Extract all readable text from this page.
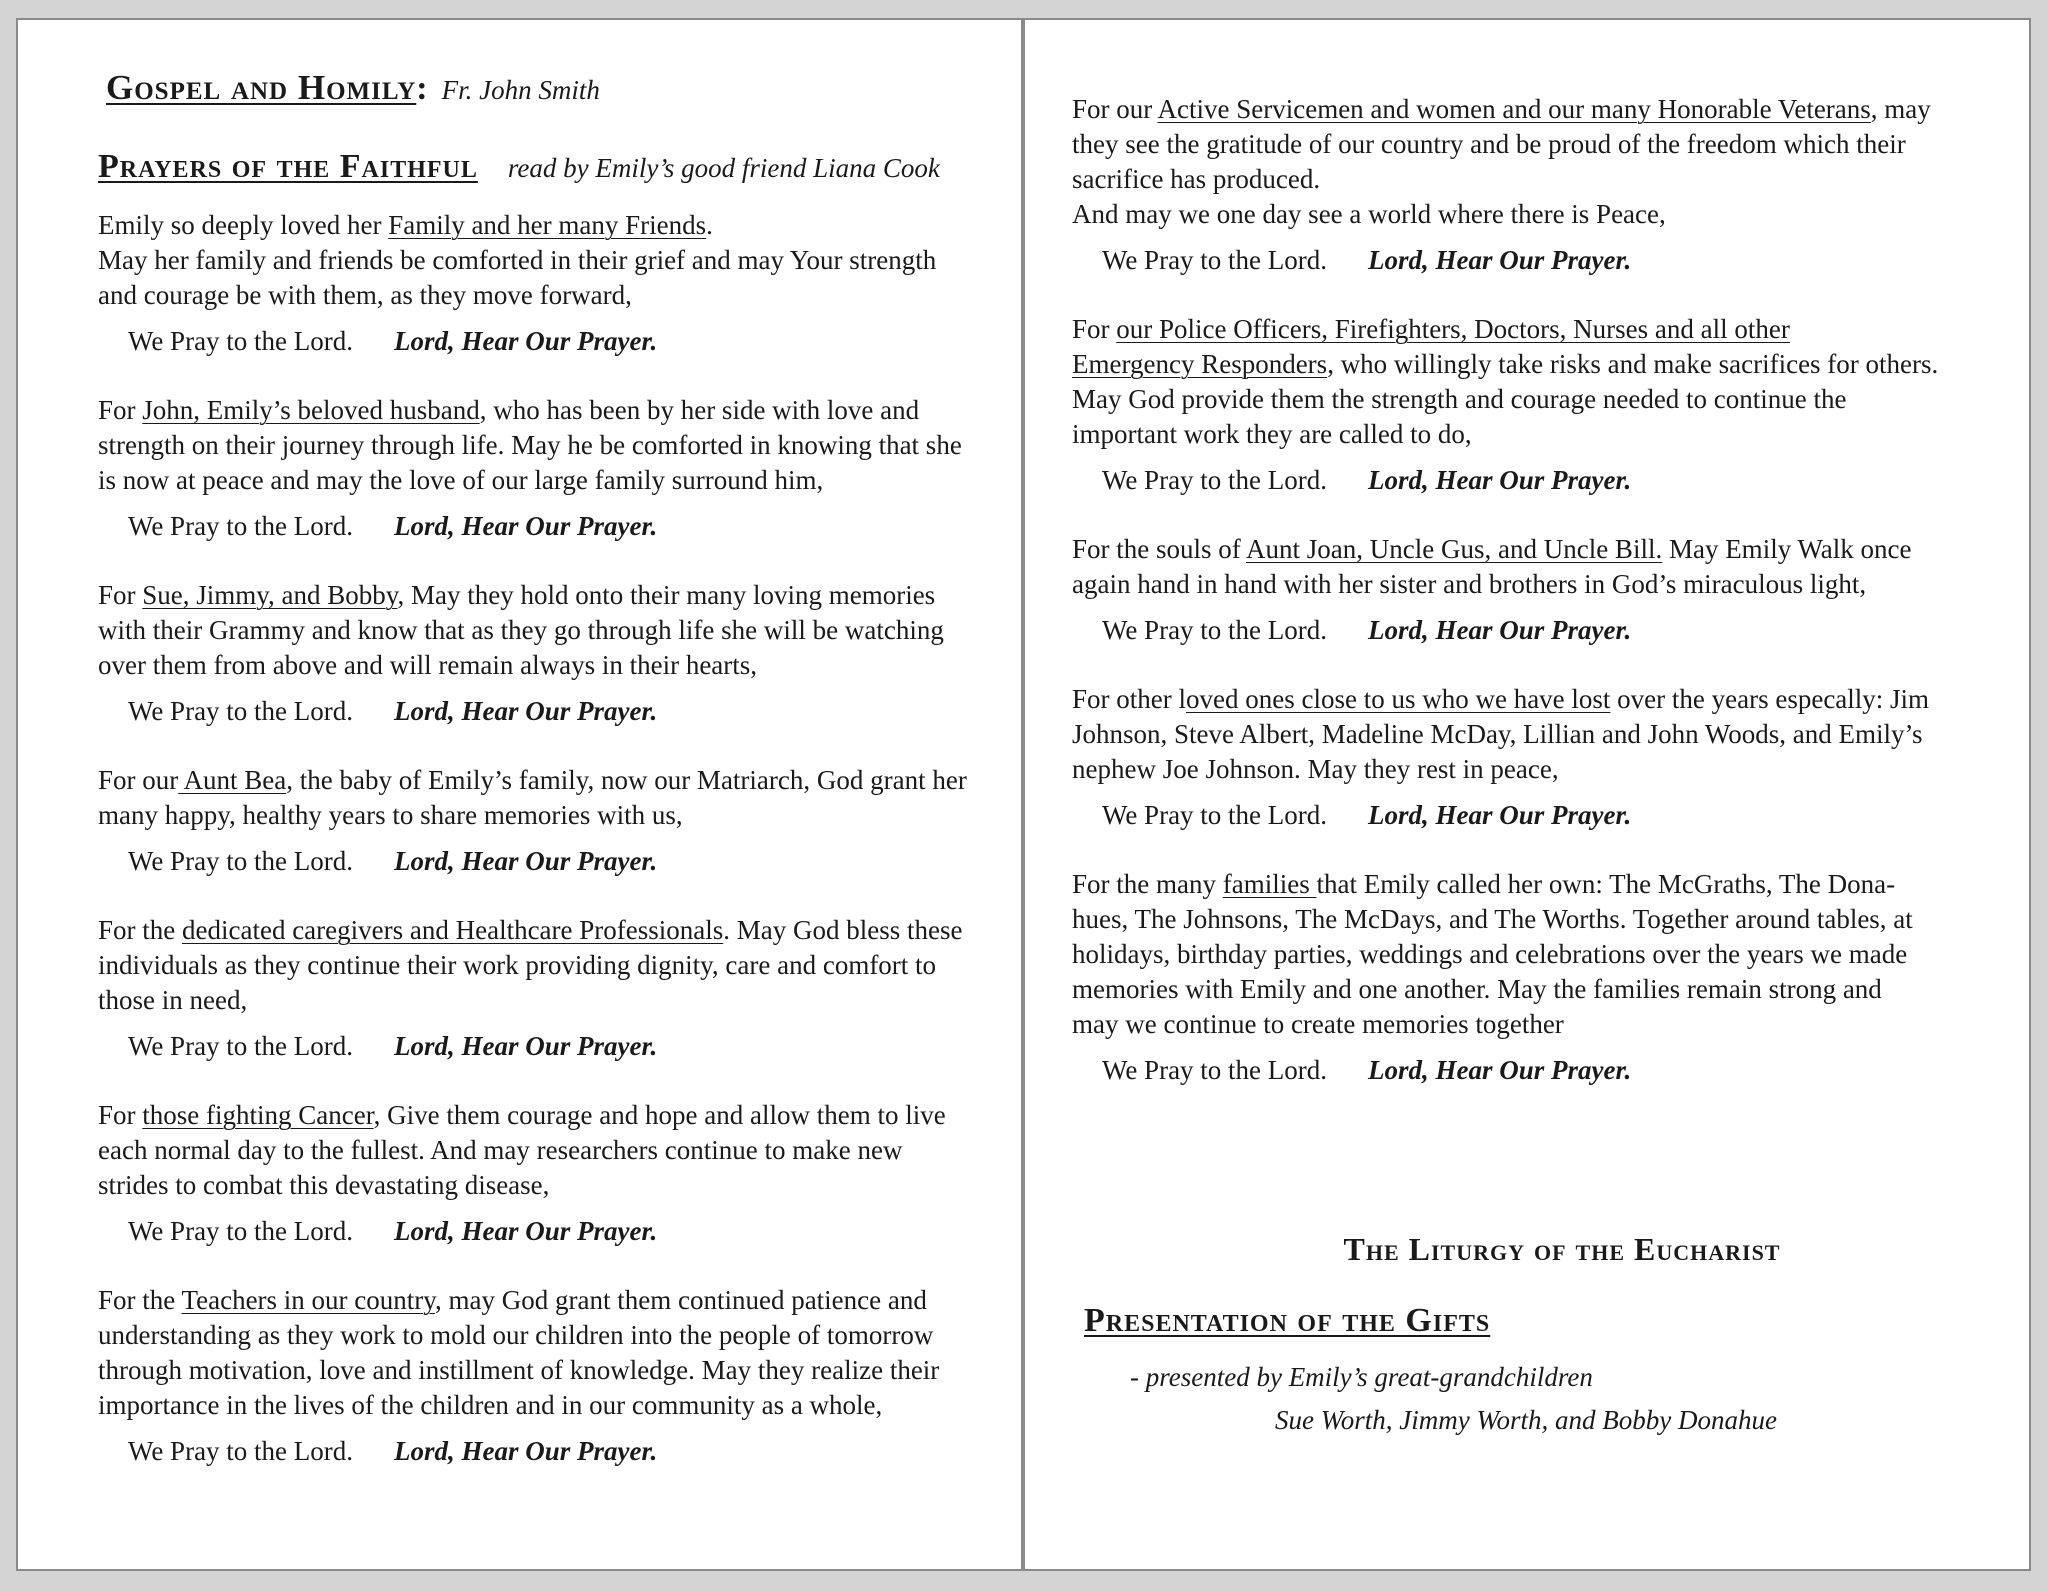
Gospel and Homily : Fr. John Smith
Prayers of the Faithful read by Emily’s good friend Liana Cook
Emily so deeply loved her Family and her many Friends.
May her family and friends be comforted in their grief and may Your strength
and courage be with them, as they move forward,
We Pray to the Lord. Lord, Hear Our Prayer.
For John, Emily’s beloved husband, who has been by her side with love and
strength on their journey through life. May he be comforted in knowing that she
is now at peace and may the love of our large family surround him,
We Pray to the Lord. Lord, Hear Our Prayer.
For Sue, Jimmy, and Bobby, May they hold onto their many loving memories
with their Grammy and know that as they go through life she will be watching
over them from above and will remain always in their hearts,
We Pray to the Lord. Lord, Hear Our Prayer.
For our Aunt Bea, the baby of Emily’s family, now our Matriarch, God grant her
many happy, healthy years to share memories with us,
We Pray to the Lord. Lord, Hear Our Prayer.
For the dedicated caregivers and Healthcare Professionals. May God bless these
individuals as they continue their work providing dignity, care and comfort to
those in need,
We Pray to the Lord. Lord, Hear Our Prayer.
For those fighting Cancer, Give them courage and hope and allow them to live
each normal day to the fullest. And may researchers continue to make new
strides to combat this devastating disease,
We Pray to the Lord. Lord, Hear Our Prayer.
For the Teachers in our country, may God grant them continued patience and
understanding as they work to mold our children into the people of tomorrow
through motivation, love and instillment of knowledge. May they realize their
importance in the lives of the children and in our community as a whole,
We Pray to the Lord. Lord, Hear Our Prayer.
For our Active Servicemen and women and our many Honorable Veterans, may
they see the gratitude of our country and be proud of the freedom which their
sacrifice has produced.
And may we one day see a world where there is Peace,
We Pray to the Lord. Lord, Hear Our Prayer.
For our Police Officers, Firefighters, Doctors, Nurses and all other
Emergency Responders, who willingly take risks and make sacrifices for others.
May God provide them the strength and courage needed to continue the
important work they are called to do,
We Pray to the Lord. Lord, Hear Our Prayer.
For the souls of Aunt Joan, Uncle Gus, and Uncle Bill. May Emily Walk once
again hand in hand with her sister and brothers in God’s miraculous light,
We Pray to the Lord. Lord, Hear Our Prayer.
For other loved ones close to us who we have lost over the years especally: Jim
Johnson, Steve Albert, Madeline McDay, Lillian and John Woods, and Emily’s
nephew Joe Johnson. May they rest in peace,
We Pray to the Lord. Lord, Hear Our Prayer.
For the many families that Emily called her own: The McGraths, The Dona-
hues, The Johnsons, The McDays, and The Worths. Together around tables, at
holidays, birthday parties, weddings and celebrations over the years we made
memories with Emily and one another. May the families remain strong and
may we continue to create memories together
We Pray to the Lord. Lord, Hear Our Prayer.
The Liturgy of the Eucharist
Presentation of the Gifts
- presented by Emily’s great-grandchildren
Sue Worth, Jimmy Worth, and Bobby Donahue
